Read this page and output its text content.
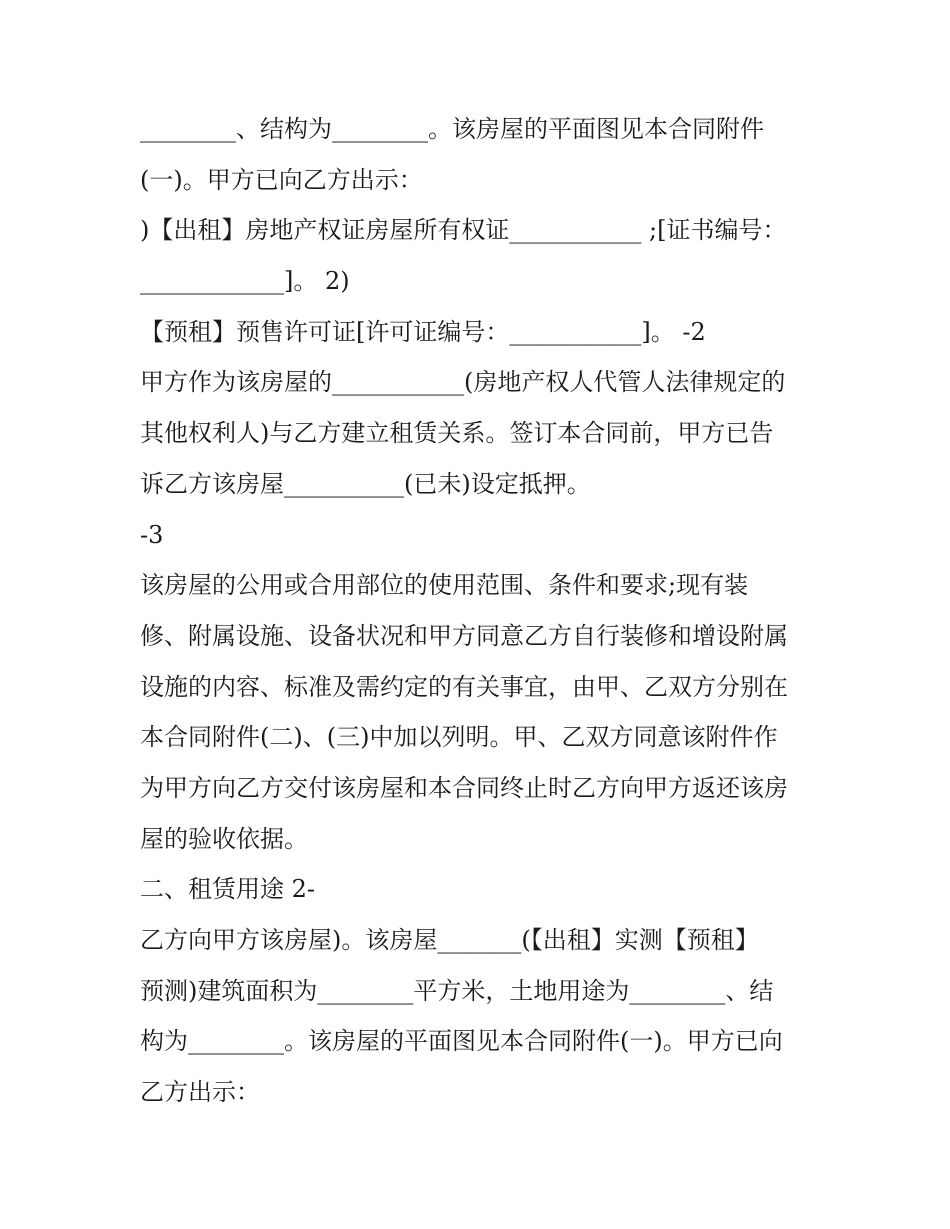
________、结构为________。该房屋的平面图见本合同附件
(一)。甲方已向乙方出示：
)【出租】房地产权证房屋所有权证___________ ;[证书编号：
____________]。 2)
【预租】预售许可证[许可证编号：___________]。 -2
甲方作为该房屋的___________(房地产权人代管人法律规定的
其他权利人)与乙方建立租赁关系。签订本合同前，甲方已告
诉乙方该房屋__________(已未)设定抵押。
-3
该房屋的公用或合用部位的使用范围、条件和要求;现有装
修、附属设施、设备状况和甲方同意乙方自行装修和增设附属
设施的内容、标准及需约定的有关事宜，由甲、乙双方分别在
本合同附件(二)、(三)中加以列明。甲、乙双方同意该附件作
为甲方向乙方交付该房屋和本合同终止时乙方向甲方返还该房
屋的验收依据。
二、租赁用途 2-
乙方向甲方该房屋)。该房屋_______(【出租】实测【预租】
预测)建筑面积为________平方米，土地用途为________、结
构为________。该房屋的平面图见本合同附件(一)。甲方已向
乙方出示：
